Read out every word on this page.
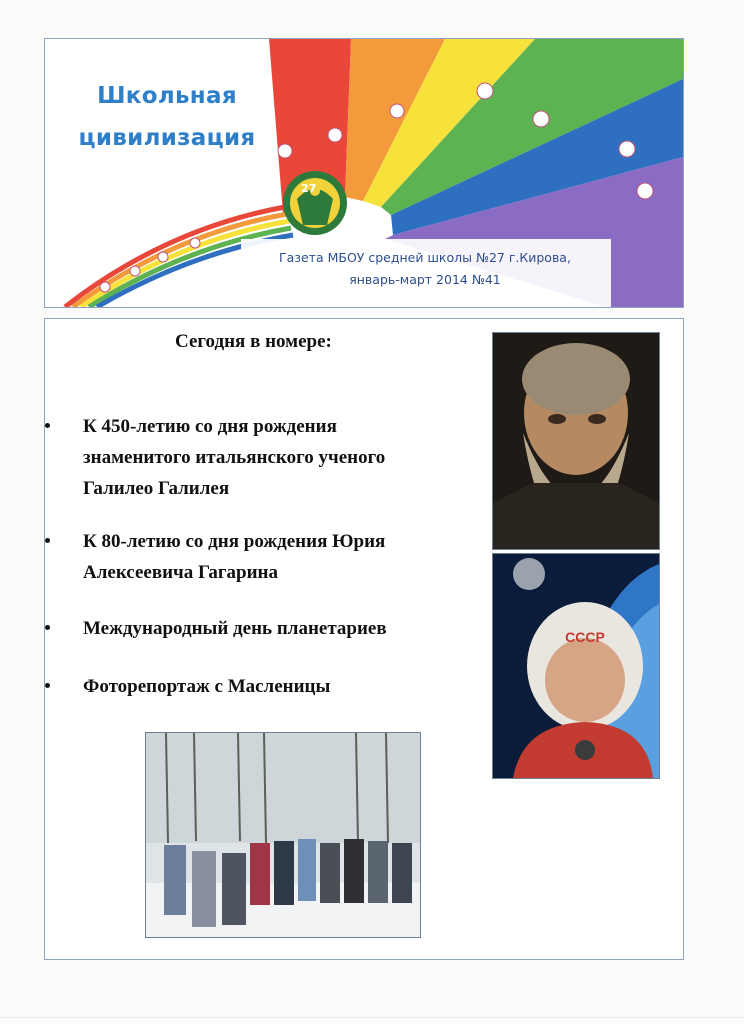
Школьная
цивилизация
27
Газета МБОУ средней школы №27 г.Кирова,
январь-март 2014 №41
Сегодня в номере:
К 450-летию со дня рождения
знаменитого итальянского ученого
Галилео Галилея
К 80-летию со дня рождения Юрия
Алексеевича Гагарина
Международный день планетариев
Фоторепортаж с Масленицы
СССР
